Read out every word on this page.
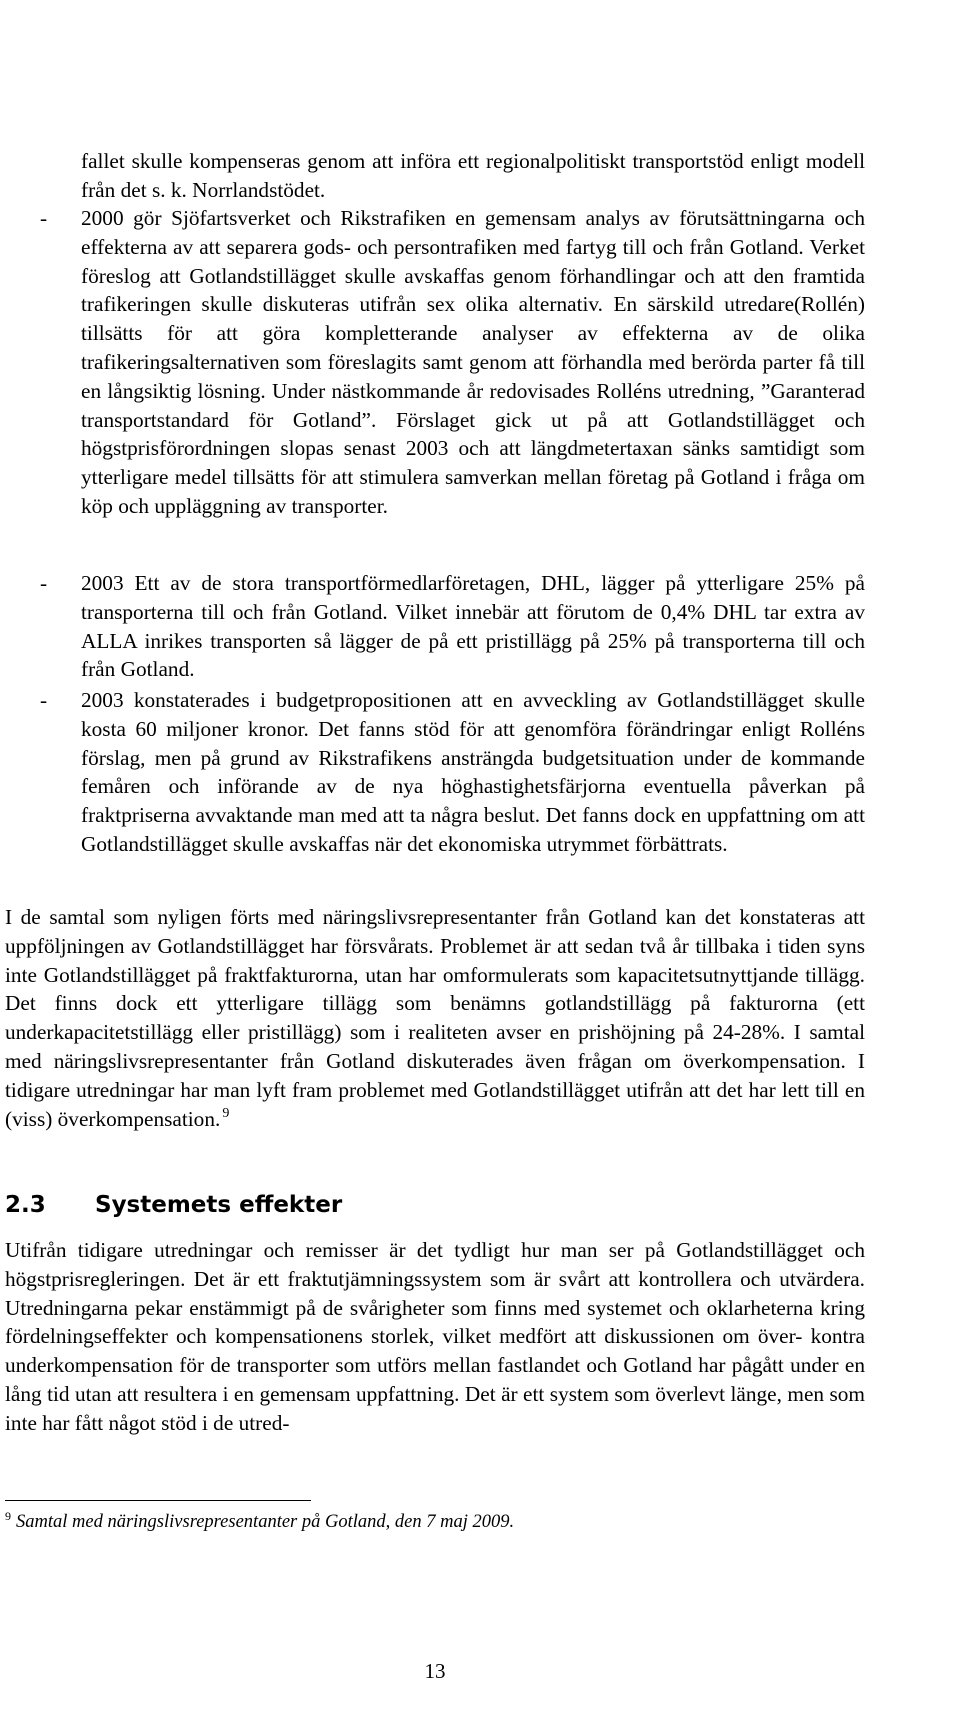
fallet skulle kompenseras genom att införa ett regionalpolitiskt transportstöd enligt modell från det s. k. Norrlandstödet.

-	2000 gör Sjöfartsverket och Rikstrafiken en gemensam analys av förutsättningarna och effekterna av att separera gods- och persontrafiken med fartyg till och från Gotland. Verket föreslog att Gotlandstillägget skulle avskaffas genom förhandlingar och att den framtida trafikeringen skulle diskuteras utifrån sex olika alternativ. En särskild utredare(Rollén) tillsätts för att göra kompletterande analyser av effekterna av de olika trafikeringsalternativen som föreslagits samt genom att förhandla med berörda parter få till en långsiktig lösning. Under nästkommande år redovisades Rolléns utredning, ”Garanterad transportstandard för Gotland”. Förslaget gick ut på att Gotlandstillägget och högstprisförordningen slopas senast 2003 och att längdmetertaxan sänks samtidigt som ytterligare medel tillsätts för att stimulera samverkan mellan företag på Gotland i fråga om köp och uppläggning av transporter.

-	2003 Ett av de stora transportförmedlarföretagen, DHL, lägger på ytterligare 25% på transporterna till och från Gotland. Vilket innebär att förutom de 0,4% DHL tar extra av ALLA inrikes transporten så lägger de på ett pristillägg på 25% på transporterna till och från Gotland.

-	2003 konstaterades i budgetpropositionen att en avveckling av Gotlandstillägget skulle kosta 60 miljoner kronor. Det fanns stöd för att genomföra förändringar enligt Rolléns förslag, men på grund av Rikstrafikens ansträngda budgetsituation under de kommande femåren och införande av de nya höghastighetsfärjorna eventuella påverkan på fraktpriserna avvaktande man med att ta några beslut. Det fanns dock en uppfattning om att Gotlandstillägget skulle avskaffas när det ekonomiska utrymmet förbättrats.

I de samtal som nyligen förts med näringslivsrepresentanter från Gotland kan det konstateras att uppföljningen av Gotlandstillägget har försvårats. Problemet är att sedan två år tillbaka i tiden syns inte Gotlandstillägget på fraktfakturorna, utan har omformulerats som kapacitetsutnyttjande tillägg. Det finns dock ett ytterligare tillägg som benämns gotlandstillägg på fakturorna (ett underkapacitetstillägg eller pristillägg) som i realiteten avser en prishöjning på 24-28%. I samtal med näringslivsrepresentanter från Gotland diskuterades även frågan om överkompensation. I tidigare utredningar har man lyft fram problemet med Gotlandstillägget utifrån att det har lett till en (viss) överkompensation. $^9$

2.3	Systemets effekter

Utifrån tidigare utredningar och remisser är det tydligt hur man ser på Gotlandstillägget och högstprisregleringen. Det är ett fraktutjämningssystem som är svårt att kontrollera och utvärdera. Utredningarna pekar enstämmigt på de svårigheter som finns med systemet och oklarheterna kring fördelningseffekter och kompensationens storlek, vilket medfört att diskussionen om över- kontra underkompensation för de transporter som utförs mellan fastlandet och Gotland har pågått under en lång tid utan att resultera i en gemensam uppfattning. Det är ett system som överlevt länge, men som inte har fått något stöd i de utred-

$^9$ Samtal med näringslivsrepresentanter på Gotland, den 7 maj 2009.

13
